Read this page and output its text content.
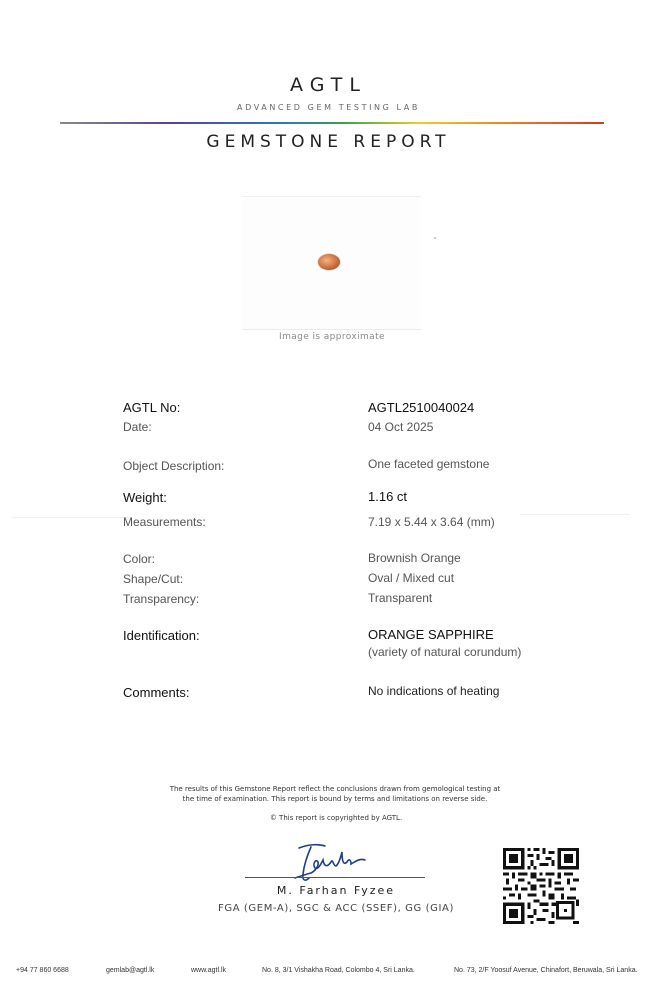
AGTL
ADVANCED GEM TESTING LAB
GEMSTONE REPORT
Image is approximate
AGTL No:	AGTL2510040024
Date:	04 Oct 2025
Object Description:	One faceted gemstone
Weight:	1.16 ct
Measurements:	7.19 x 5.44 x 3.64 (mm)
Color:	Brownish Orange
Shape/Cut:	Oval / Mixed cut
Transparency:	Transparent
Identification:	ORANGE SAPPHIRE
(variety of natural corundum)
Comments:	No indications of heating
The results of this Gemstone Report reflect the conclusions drawn from gemological testing at
the time of examination. This report is bound by terms and limitations on reverse side.
© This report is copyrighted by AGTL.
M. Farhan Fyzee
FGA (GEM-A), SGC & ACC (SSEF), GG (GIA)
+94 77 860 6688	gemlab@agtl.lk	www.agtl.lk	No. 8, 3/1 Vishakha Road, Colombo 4, Sri Lanka.	No. 73, 2/F Yoosuf Avenue, Chinafort, Beruwala, Sri Lanka.
